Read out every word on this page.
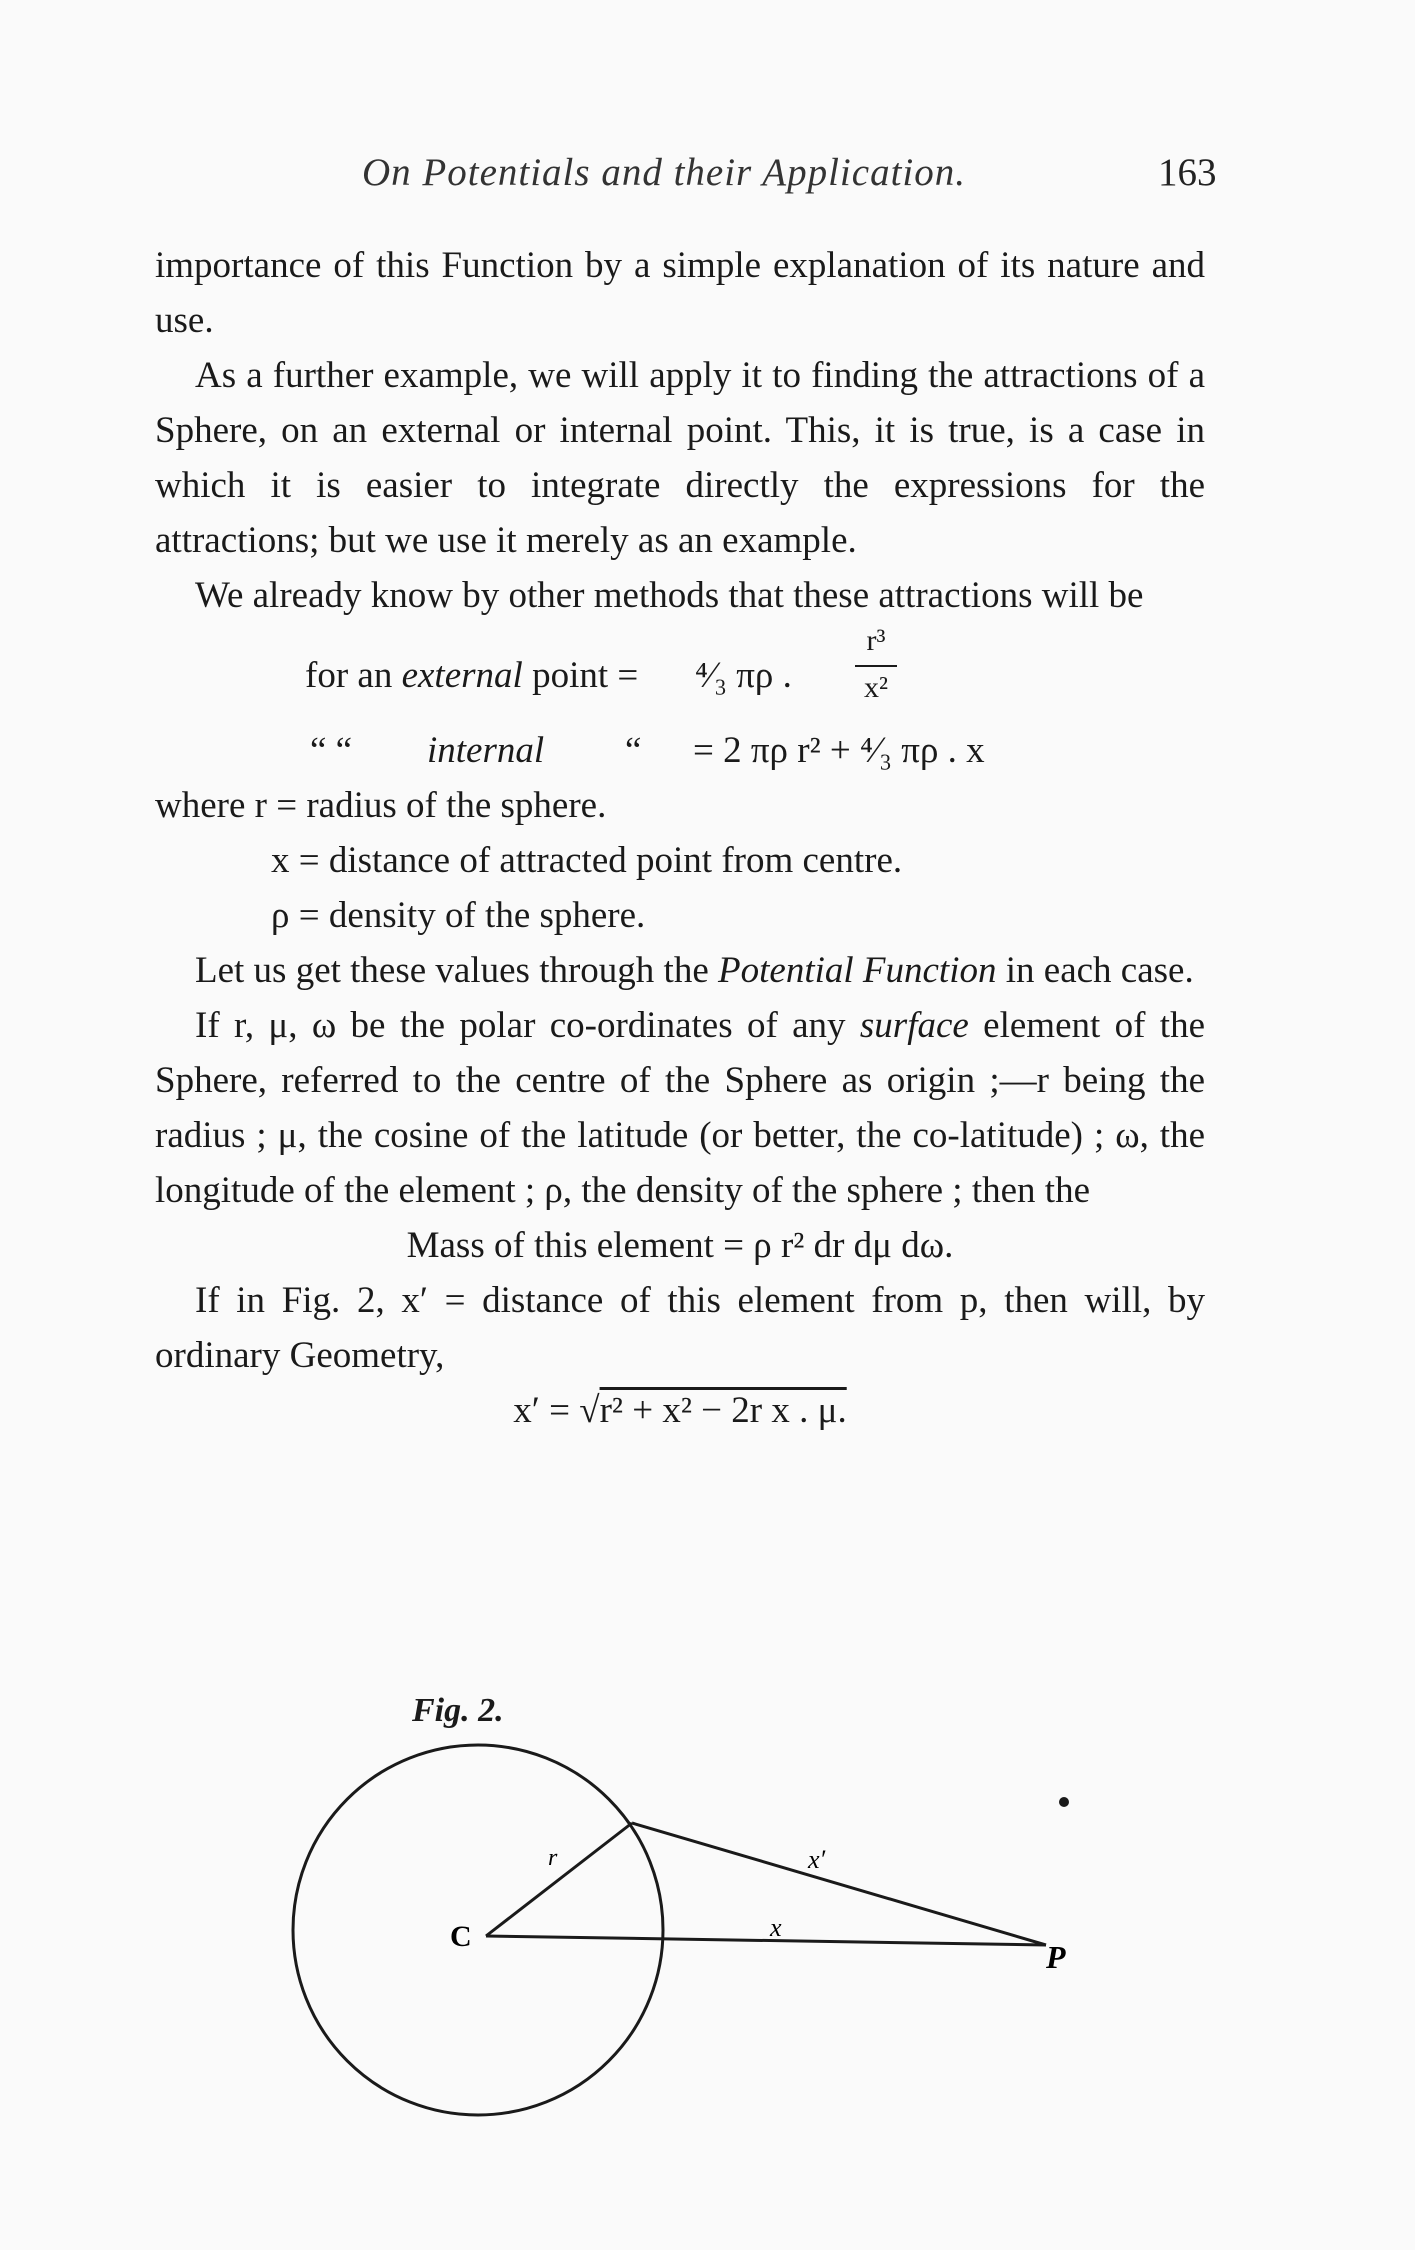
On Potentials and their Application.	163

importance of this Function by a simple explanation of its nature and use.

As a further example, we will apply it to finding the attractions of a Sphere, on an external or internal point. This, it is true, is a case in which it is easier to integrate directly the expressions for the attractions; but we use it merely as an example.

We already know by other methods that these attractions will be

for an external point = ⁴⁄₃ πρ .
r³
x²
“ “ internal “ = 2 πρ r² + ⁴⁄₃ πρ . x
where r = radius of the sphere.
x = distance of attracted point from centre.
ρ = density of the sphere.

Let us get these values through the Potential Function in each case.

If r, μ, ω be the polar co-ordinates of any surface element of the Sphere, referred to the centre of the Sphere as origin ;—r being the radius ; μ, the cosine of the latitude (or better, the co-latitude) ; ω, the longitude of the element ; ρ, the density of the sphere ; then the

Mass of this element = ρ r² dr dμ dω.

If in Fig. 2, x′ = distance of this element from p, then will, by ordinary Geometry,

x′ = √r² + x² − 2r x . μ.

Fig. 2.
C
r	x′
x
P
